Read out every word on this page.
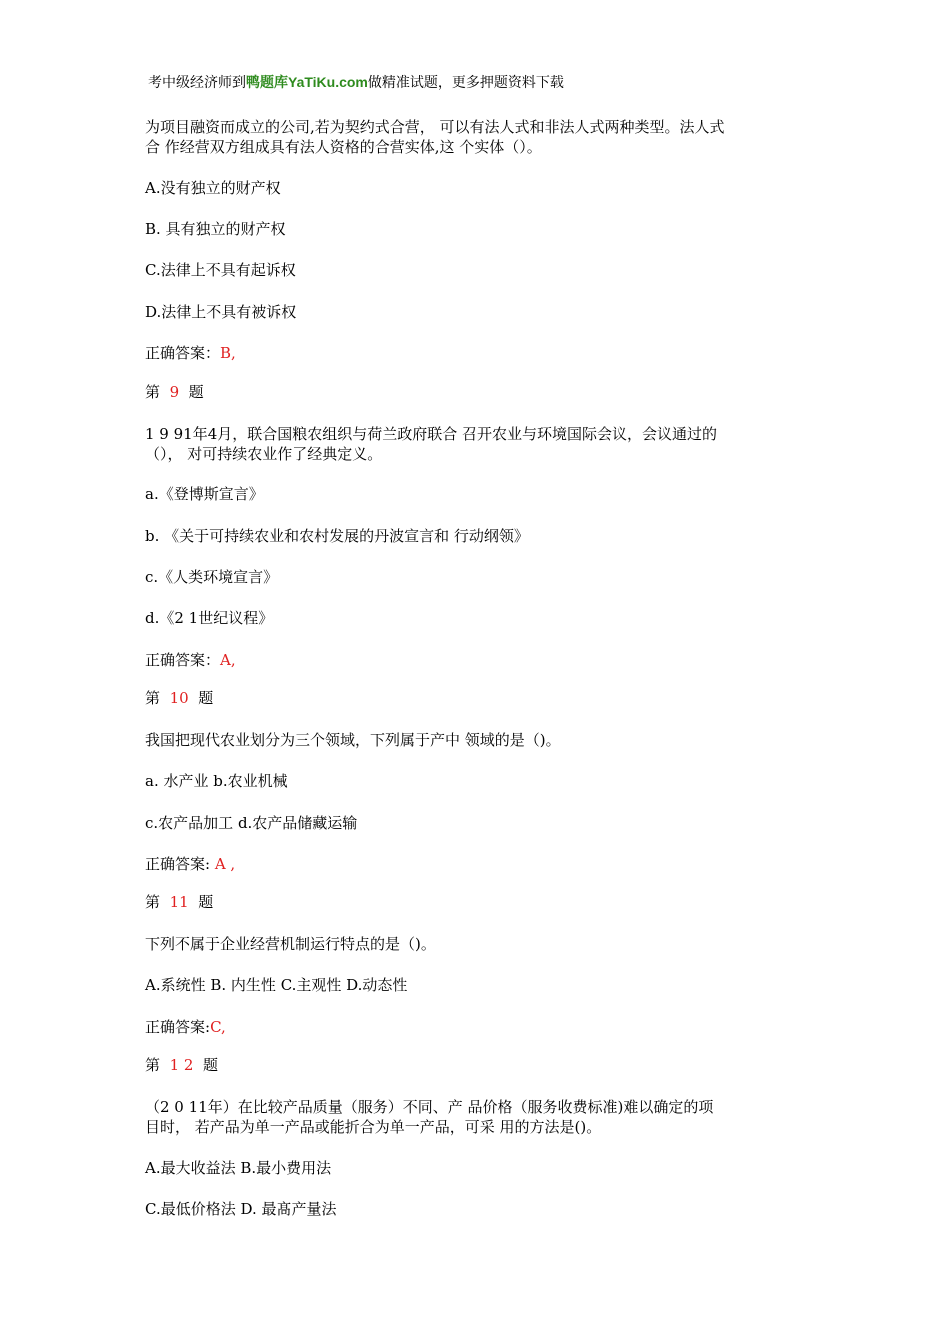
考中级经济师到鸭题库YaTiKu.com做精准试题，更多押题资料下载
为项目融资而成立的公司,若为契约式合营， 可以有法人式和非法人式两种类型。法人式
合 作经营双方组成具有法人资格的合营实体,这 个实体（）。
A.没有独立的财产权
B. 具有独立的财产权
C.法律上不具有起诉权
D.法律上不具有被诉权
正确答案：B,
第 9 题
1 9 91年4月，联合国粮农组织与荷兰政府联合 召开农业与环境国际会议，会议通过的
（）， 对可持续农业作了经典定义。
a.《登博斯宣言》
b. 《关于可持续农业和农村发展的丹波宣言和 行动纲领》
c.《人类环境宣言》
d.《2 1世纪议程》
正确答案：A,
第 10 题
我国把现代农业划分为三个领域，下列属于产中 领域的是（)。
a. 水产业 b.农业机械
c.农产品加工 d.农产品储藏运输
正确答案: A ,
第 11 题
下列不属于企业经营机制运行特点的是（)。
A.系统性 B. 内生性 C.主观性 D.动态性
正确答案:C,
第 1 2 题
（2 0 11年）在比较产品质量（服务）不同、产 品价格（服务收费标准)难以确定的项
目时， 若产品为单一产品或能折合为单一产品，可采 用的方法是()。
A.最大收益法 B.最小费用法
C.最低价格法 D. 最髙产量法
